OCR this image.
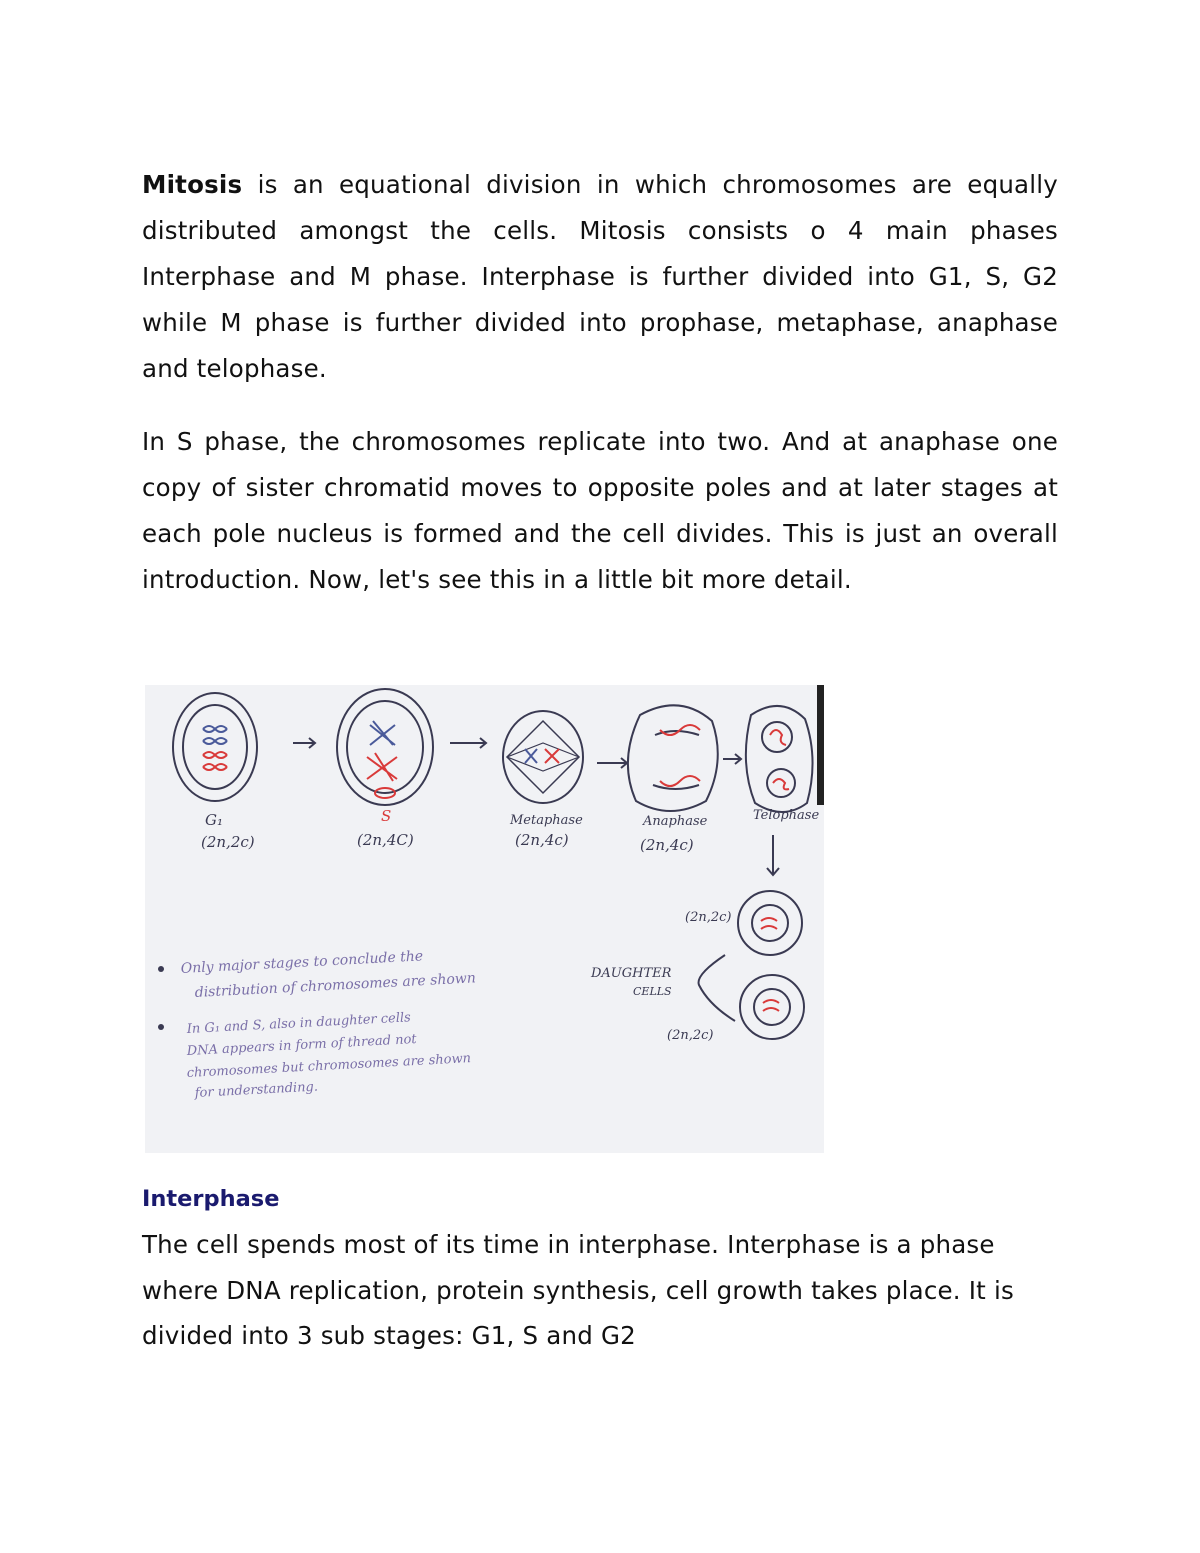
Mitosis is an equational division in which chromosomes are equally distributed amongst the cells. Mitosis consists o 4 main phases Interphase and M phase. Interphase is further divided into G1, S, G2 while M phase is further divided into prophase, metaphase, anaphase and telophase.

In S phase, the chromosomes replicate into two. And at anaphase one copy of sister chromatid moves to opposite poles and at later stages at each pole nucleus is formed and the cell divides. This is just an overall introduction. Now, let's see this in a little bit more detail.

G₁
(2n,2c)
S
(2n,4C)
Metaphase
(2n,4c)
Anaphase
(2n,4c)
Telophase
(2n,2c)
(2n,2c)
DAUGHTER
CELLS
Only major stages to conclude the
distribution of chromosomes are shown
In G₁ and S, also in daughter cells
DNA appears in form of thread not
chromosomes but chromosomes are shown
for understanding.
Interphase

The cell spends most of its time in interphase. Interphase is a phase where DNA replication, protein synthesis, cell growth takes place. It is divided into 3 sub stages: G1, S and G2
